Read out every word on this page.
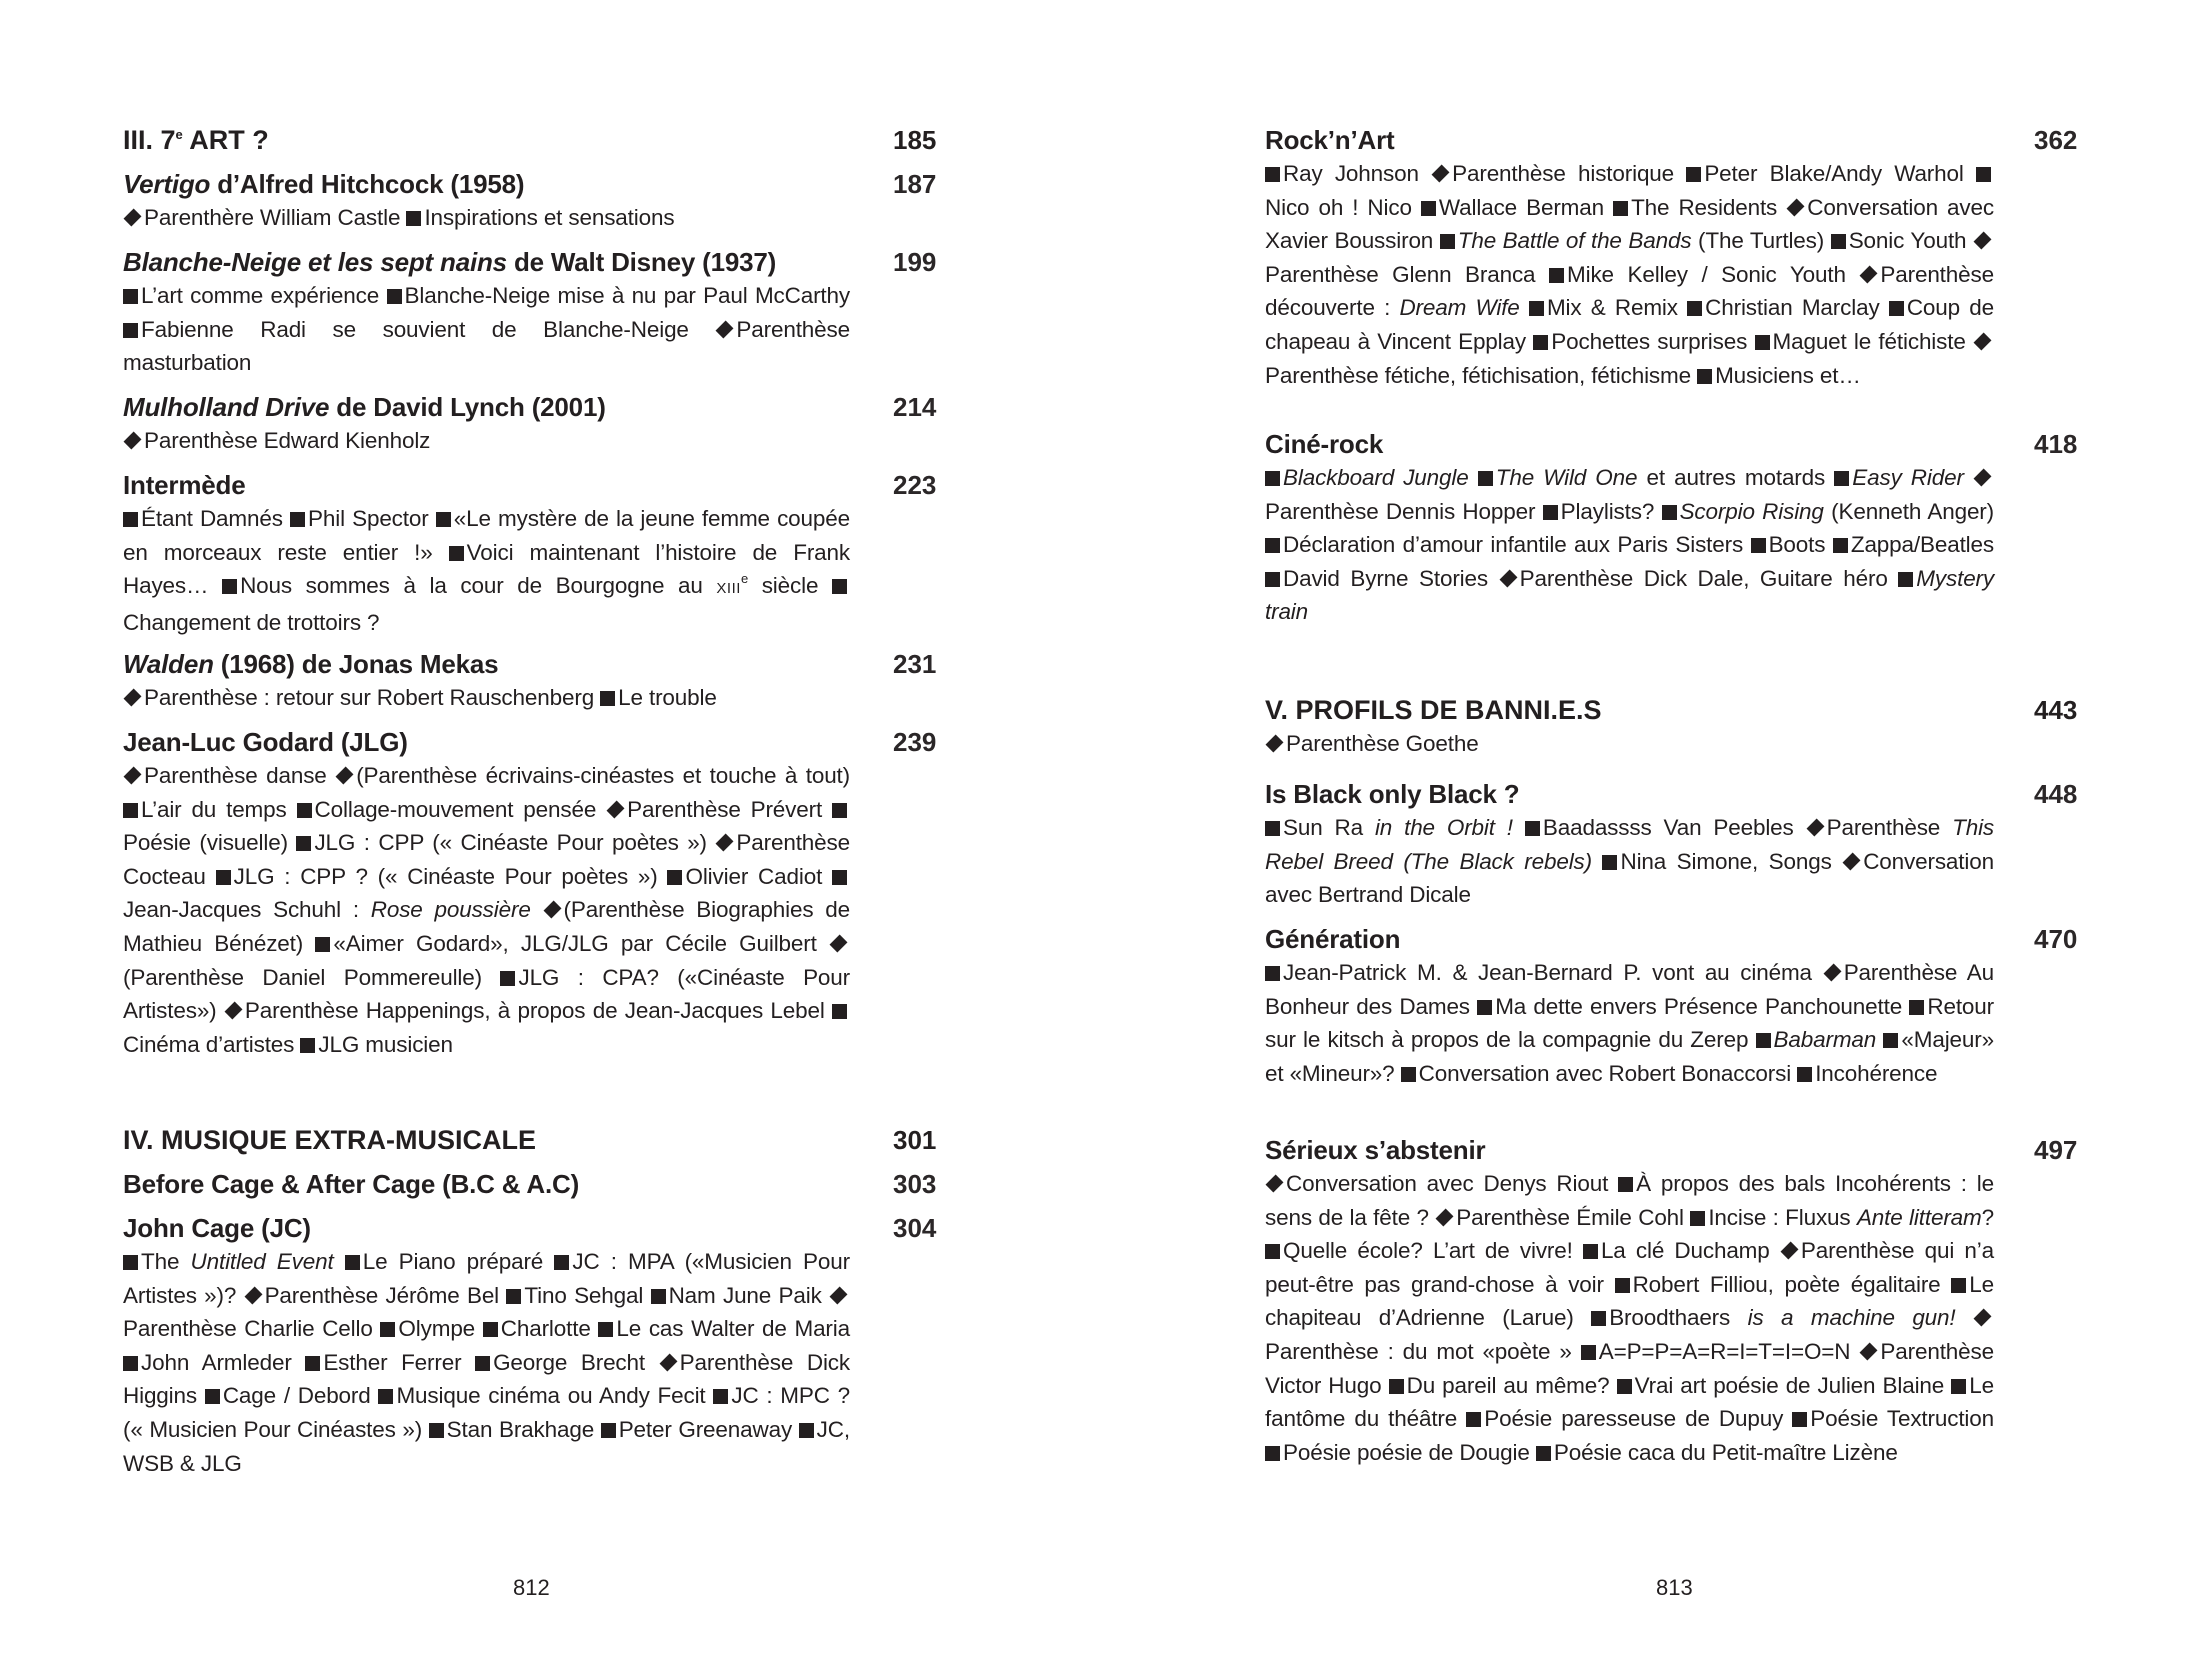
III. 7e ART ?	185
Vertigo d’Alfred Hitchcock (1958)	187
Parenthère William Castle Inspirations et sensations
Blanche-Neige et les sept nains de Walt Disney (1937)	199
L’art comme expérience Blanche-Neige mise à nu par Paul McCarthy Fabienne Radi se souvient de Blanche-Neige Parenthèse masturbation
Mulholland Drive de David Lynch (2001)	214
Parenthèse Edward Kienholz
Intermède	223
Étant Damnés Phil Spector «Le mystère de la jeune femme coupée en morceaux reste entier !» Voici maintenant l’histoire de Frank Hayes… Nous sommes à la cour de Bourgogne au XIIIe siècle Changement de trottoirs ?
Walden (1968) de Jonas Mekas	231
Parenthèse : retour sur Robert Rauschenberg Le trouble
Jean-Luc Godard (JLG)	239
Parenthèse danse (Parenthèse écrivains-cinéastes et touche à tout) L’air du temps Collage-mouvement pensée Parenthèse Prévert Poésie (visuelle) JLG : CPP (« Cinéaste Pour poètes ») Parenthèse Cocteau JLG : CPP ? (« Cinéaste Pour poètes ») Olivier Cadiot Jean-Jacques Schuhl : Rose poussière (Parenthèse Biographies de Mathieu Bénézet) «Aimer Godard», JLG/JLG par Cécile Guilbert (Parenthèse Daniel Pommereulle) JLG : CPA? («Cinéaste Pour Artistes») Parenthèse Happenings, à propos de Jean-Jacques Lebel Cinéma d’artistes JLG musicien
IV. MUSIQUE EXTRA-MUSICALE	301
Before Cage & After Cage (B.C & A.C)	303
John Cage (JC)	304
The Untitled Event Le Piano préparé JC : MPA («Musicien Pour Artistes »)? Parenthèse Jérôme Bel Tino Sehgal Nam June Paik Parenthèse Charlie Cello Olympe Charlotte Le cas Walter de Maria John Armleder Esther Ferrer George Brecht Parenthèse Dick Higgins Cage / Debord Musique cinéma ou Andy Fecit JC : MPC ? (« Musicien Pour Cinéastes ») Stan Brakhage Peter Greenaway JC, WSB & JLG
812
Rock’n’Art	362
Ray Johnson Parenthèse historique Peter Blake/Andy Warhol Nico oh ! Nico Wallace Berman The Residents Conversation avec Xavier Boussiron The Battle of the Bands (The Turtles) Sonic Youth Parenthèse Glenn Branca Mike Kelley / Sonic Youth Parenthèse découverte : Dream Wife Mix & Remix Christian Marclay Coup de chapeau à Vincent Epplay Pochettes surprises Maguet le fétichiste Parenthèse fétiche, fétichisation, fétichisme Musiciens et…
Ciné-rock	418
Blackboard Jungle The Wild One et autres motards Easy Rider Parenthèse Dennis Hopper Playlists? Scorpio Rising (Kenneth Anger) Déclaration d’amour infantile aux Paris Sisters Boots Zappa/Beatles David Byrne Stories Parenthèse Dick Dale, Guitare héro Mystery train
V. PROFILS DE BANNI.E.S	443
Parenthèse Goethe
Is Black only Black ?	448
Sun Ra in the Orbit ! Baadassss Van Peebles Parenthèse This Rebel Breed (The Black rebels) Nina Simone, Songs Conversation avec Bertrand Dicale
Génération	470
Jean-Patrick M. & Jean-Bernard P. vont au cinéma Parenthèse Au Bonheur des Dames Ma dette envers Présence Panchounette Retour sur le kitsch à propos de la compagnie du Zerep Babarman «Majeur» et «Mineur»? Conversation avec Robert Bonaccorsi Incohérence
Sérieux s’abstenir	497
Conversation avec Denys Riout À propos des bals Incohérents : le sens de la fête ? Parenthèse Émile Cohl Incise : Fluxus Ante litteram? Quelle école? L’art de vivre! La clé Duchamp Parenthèse qui n’a peut-être pas grand-chose à voir Robert Filliou, poète égalitaire Le chapiteau d’Adrienne (Larue) Broodthaers is a machine gun! Parenthèse : du mot «poète » A=P=P=A=R=I=T=I=O=N Parenthèse Victor Hugo Du pareil au même? Vrai art poésie de Julien Blaine Le fantôme du théâtre Poésie paresseuse de Dupuy Poésie Textruction Poésie poésie de Dougie Poésie caca du Petit-maître Lizène
813
